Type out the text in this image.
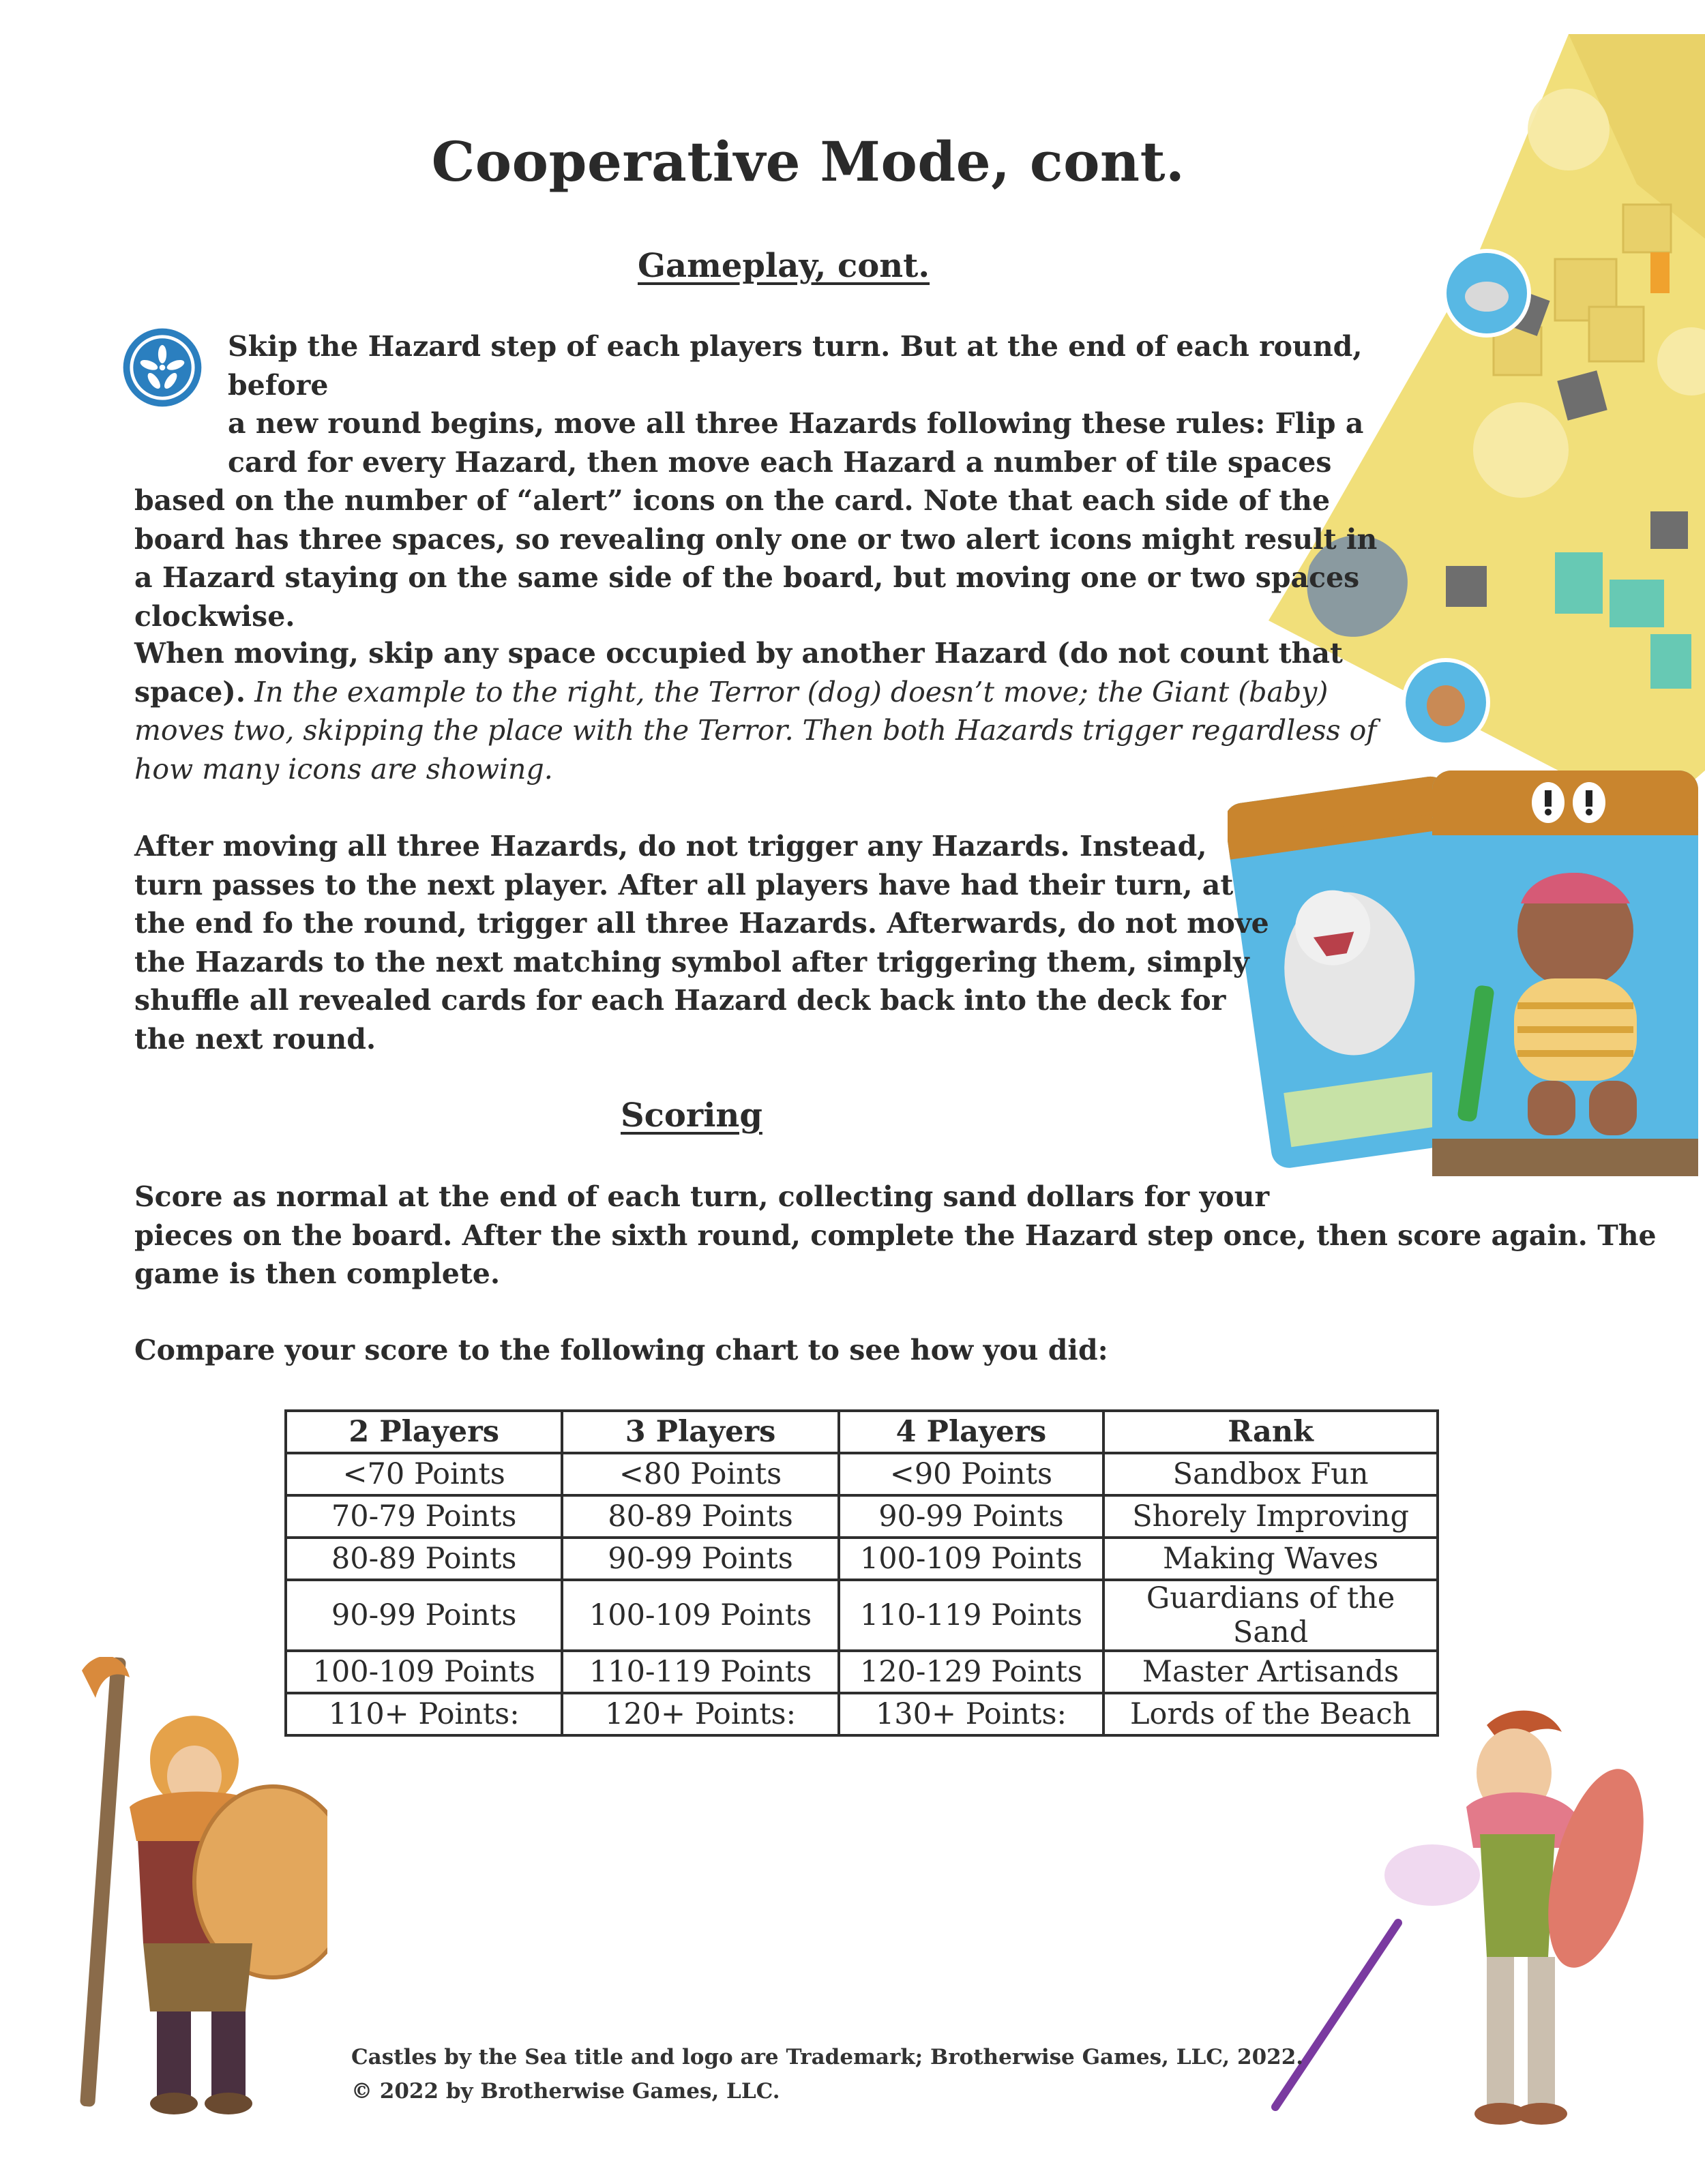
Cooperative Mode, cont.
Gameplay, cont.
Skip the Hazard step of each players turn. But at the end of each round, before
a new round begins, move all three Hazards following these rules: Flip a
card for every Hazard, then move each Hazard a number of tile spaces
based on the number of “alert” icons on the card. Note that each side of the
board has three spaces, so revealing only one or two alert icons might result in
a Hazard staying on the same side of the board, but moving one or two spaces
clockwise.
When moving, skip any space occupied by another Hazard (do not count that
space). In the example to the right, the Terror (dog) doesn’t move; the Giant (baby)
moves two, skipping the place with the Terror. Then both Hazards trigger regardless of
how many icons are showing.
After moving all three Hazards, do not trigger any Hazards. Instead,
turn passes to the next player. After all players have had their turn, at
the end fo the round, trigger all three Hazards. Afterwards, do not move
the Hazards to the next matching symbol after triggering them, simply
shuffle all revealed cards for each Hazard deck back into the deck for
the next round.
Scoring
Score as normal at the end of each turn, collecting sand dollars for your
pieces on the board. After the sixth round, complete the Hazard step once, then score again. The
game is then complete.
Compare your score to the following chart to see how you did:
2 Players	3 Players	4 Players	Rank
<70 Points	<80 Points	<90 Points	Sandbox Fun
70-79 Points	80-89 Points	90-99 Points	Shorely Improving
80-89 Points	90-99 Points	100-109 Points	Making Waves
90-99 Points	100-109 Points	110-119 Points	Guardians of the Sand
100-109 Points	110-119 Points	120-129 Points	Master Artisands
110+ Points:	120+ Points:	130+ Points:	Lords of the Beach
Castles by the Sea title and logo are Trademark; Brotherwise Games, LLC, 2022.
© 2022 by Brotherwise Games, LLC.
